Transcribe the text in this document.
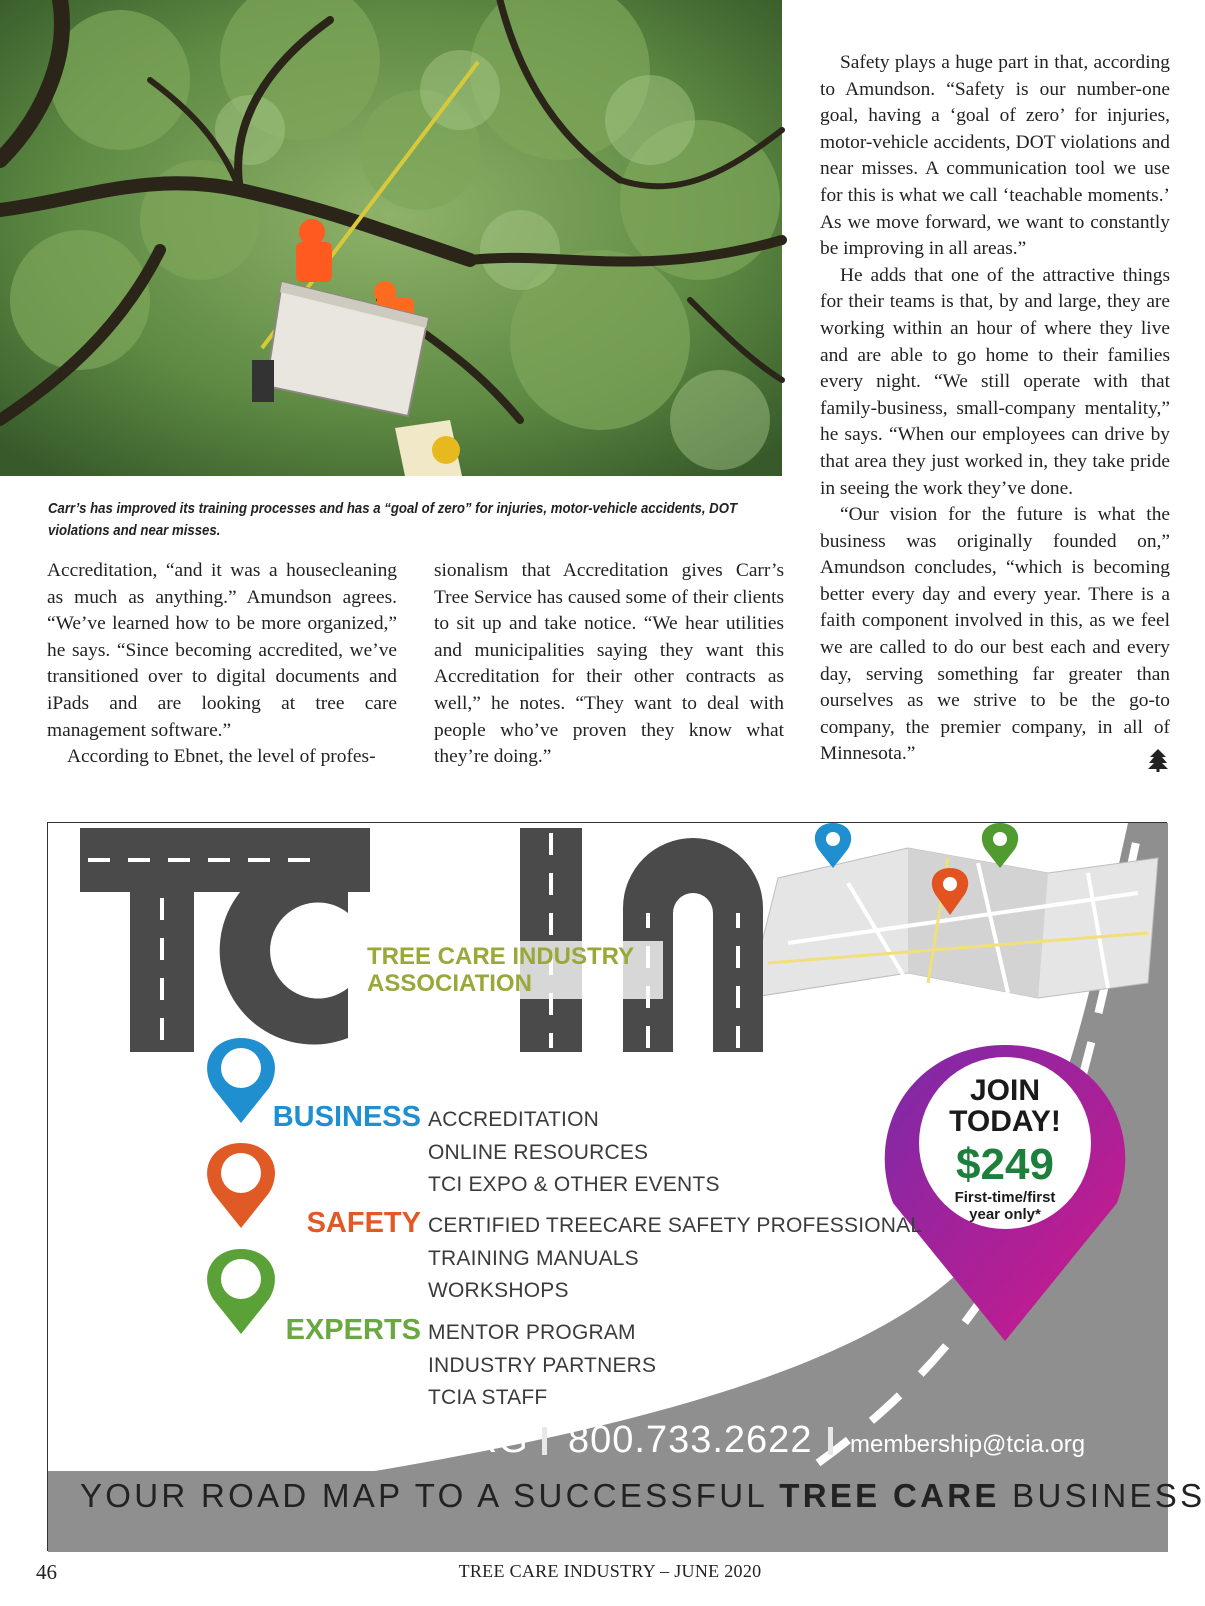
Carr’s has improved its training processes and has a “goal of zero” for injuries, motor-vehicle accidents, DOT violations and near misses.

Accreditation, “and it was a housecleaning as much as anything.” Amundson agrees. “We’ve learned how to be more organized,” he says. “Since becoming accredited, we’ve transitioned over to digital documents and iPads and are looking at tree care management software.”

According to Ebnet, the level of profes-

sionalism that Accreditation gives Carr’s Tree Service has caused some of their clients to sit up and take notice. “We hear utilities and municipalities saying they want this Accreditation for their other contracts as well,” he notes. “They want to deal with people who’ve proven they know what they’re doing.”

Safety plays a huge part in that, according to Amundson. “Safety is our number-one goal, having a ‘goal of zero’ for injuries, motor-vehicle accidents, DOT violations and near misses. A communication tool we use for this is what we call ‘teachable moments.’ As we move forward, we want to constantly be improving in all areas.”

He adds that one of the attractive things for their teams is that, by and large, they are working within an hour of where they live and are able to go home to their families every night. “We still operate with that family-business, small-company mentality,” he says. “When our employees can drive by that area they just worked in, they take pride in seeing the work they’ve done.

“Our vision for the future is what the business was originally founded on,” Amundson concludes, “which is becoming better every day and every year. There is a faith component involved in this, as we feel we are called to do our best each and every day, serving something far greater than ourselves as we strive to be the go-to company, the premier company, in all of Minnesota.”

TREE CARE INDUSTRY ASSOCIATION
BUSINESS ACCREDITATION
ONLINE RESOURCES
TCI EXPO & OTHER EVENTS
SAFETY CERTIFIED TREECARE SAFETY PROFESSIONAL
TRAINING MANUALS
WORKSHOPS
EXPERTS MENTOR PROGRAM
INDUSTRY PARTNERS
TCIA STAFF
JOIN
TODAY!
$249
First-time/first
year only*
TCIA.ORG 800.733.2622 membership@tcia.org
YOUR ROAD MAP TO A SUCCESSFUL TREE CARE BUSINESS
46	TREE CARE INDUSTRY – JUNE 2020
